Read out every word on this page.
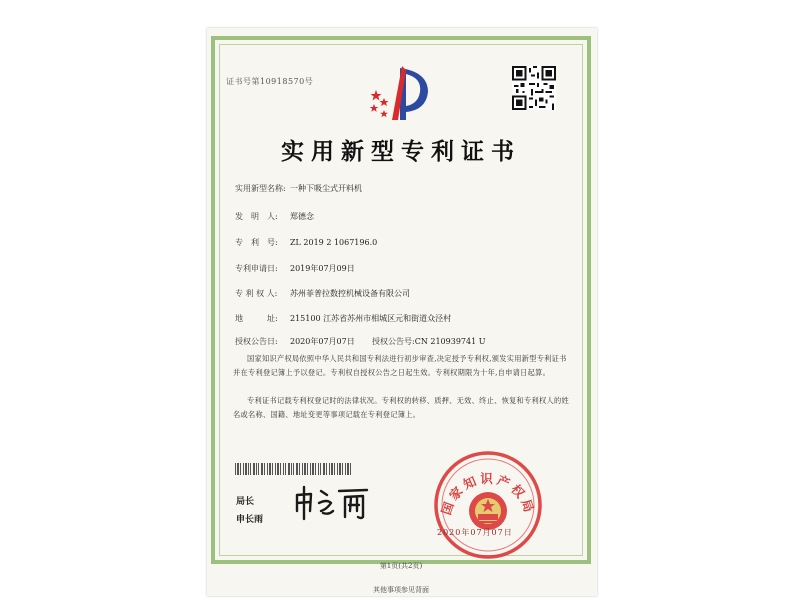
证书号第10918570号
实用新型专利证书
实用新型名称: 一种下吸尘式开料机
发　明　人: 郑德念
专　利　号: ZL 2019 2 1067196.0
专利申请日: 2019年07月09日
专 利 权 人: 苏州菲普拉数控机械设备有限公司
地　　　址: 215100 江苏省苏州市相城区元和街道众泾村
授权公告日: 2020年07月07日 授权公告号:CN 210939741 U
国家知识产权局依照中华人民共和国专利法进行初步审查,决定授予专利权,颁发实用新型专利证书并在专利登记簿上予以登记。专利权自授权公告之日起生效。专利权期限为十年,自申请日起算。
专利证书记载专利权登记时的法律状况。专利权的转移、质押、无效、终止、恢复和专利权人的姓名或名称、国籍、地址变更等事项记载在专利登记簿上。
局长
申长雨
国家知识产权局
2020年07月07日
第1页(共2页)
其他事项参见背面
